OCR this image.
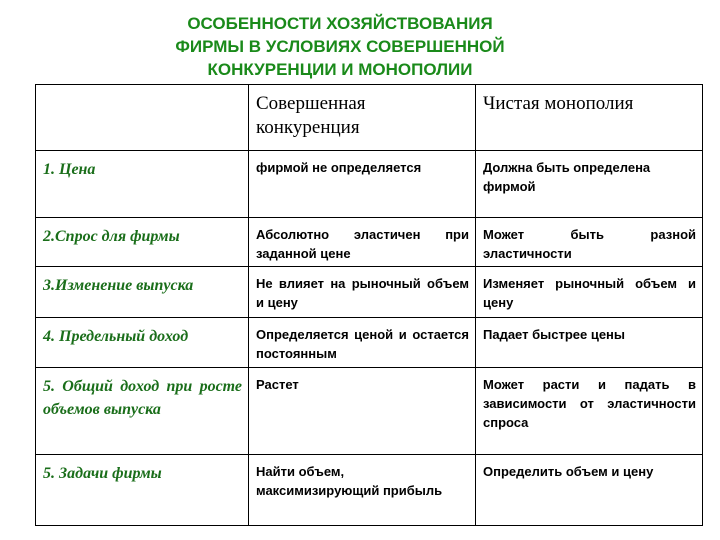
ОСОБЕННОСТИ ХОЗЯЙСТВОВАНИЯ
ФИРМЫ В УСЛОВИЯХ СОВЕРШЕННОЙ
КОНКУРЕНЦИИ И МОНОПОЛИИ
	Совершенная конкуренция	Чистая монополия
1. Цена	фирмой не определяется	Должна быть определена фирмой
2.Спрос для фирмы	Абсолютно эластичен при заданной цене	Может быть разной эластичности
3.Изменение выпуска	Не влияет на рыночный объем и цену	Изменяет рыночный объем и цену
4. Предельный доход	Определяется ценой и остается постоянным	Падает быстрее цены
5. Общий доход при росте объемов выпуска	Растет	Может расти и падать в зависимости от эластичности спроса
5. Задачи фирмы	Найти объем, максимизирующий прибыль	Определить объем и цену
